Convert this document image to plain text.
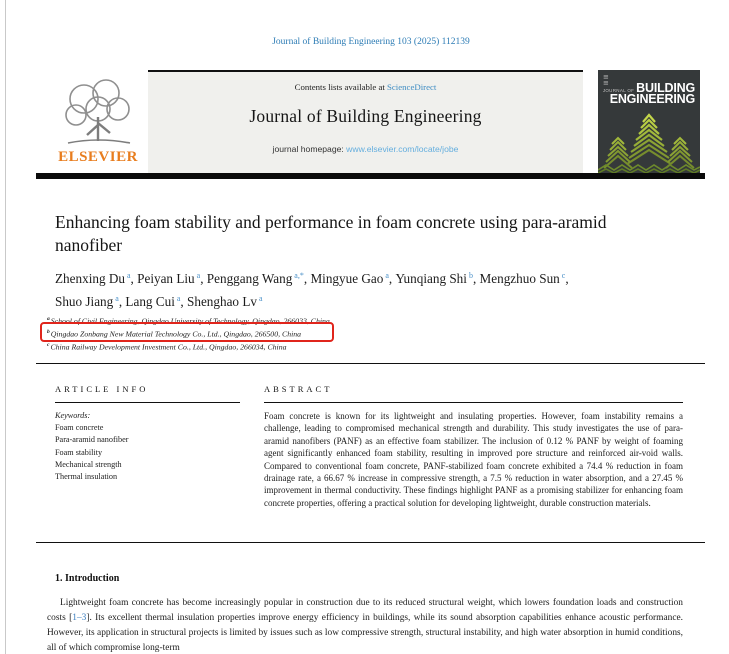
Journal of Building Engineering 103 (2025) 112139
ELSEVIER
Contents lists available at ScienceDirect
Journal of Building Engineering
journal homepage: www.elsevier.com/locate/jobe
≡
≡
JOURNAL OF BUILDING
ENGINEERING
Enhancing foam stability and performance in foam concrete using para-aramid nanofiber
Zhenxing Du $^a$ , Peiyan Liu $^a$ , Penggang Wang $^{a,*}$ , Mingyue Gao $^a$ , Yunqiang Shi $^b$ , Mengzhuo Sun $^c$ , Shuo Jiang $^a$ , Lang Cui $^a$ , Shenghao Lv $^a$
$^a$School of Civil Engineering, Qingdao University of Technology, Qingdao, 266033, China
$^b$Qingdao Zonbang New Material Technology Co., Ltd., Qingdao, 266500, China
$^c$China Railway Development Investment Co., Ltd., Qingdao, 266034, China
ARTICLE INFO
Keywords:
Foam concrete
Para-aramid nanofiber
Foam stability
Mechanical strength
Thermal insulation
ABSTRACT
Foam concrete is known for its lightweight and insulating properties. However, foam instability remains a challenge, leading to compromised mechanical strength and durability. This study investigates the use of para-aramid nanofibers (PANF) as an effective foam stabilizer. The inclusion of 0.12 % PANF by weight of foaming agent significantly enhanced foam stability, resulting in improved pore structure and reinforced air-void walls. Compared to conventional foam concrete, PANF-stabilized foam concrete exhibited a 74.4 % reduction in foam drainage rate, a 66.67 % increase in compressive strength, a 7.5 % reduction in water absorption, and a 27.45 % improvement in thermal conductivity. These findings highlight PANF as a promising stabilizer for enhancing foam concrete properties, offering a practical solution for developing lightweight, durable construction materials.
1. Introduction
Lightweight foam concrete has become increasingly popular in construction due to its reduced structural weight, which lowers foundation loads and construction costs [1–3]. Its excellent thermal insulation properties improve energy efficiency in buildings, while its sound absorption capabilities enhance acoustic performance. However, its application in structural projects is limited by issues such as low compressive strength, structural instability, and high water absorption in humid conditions, all of which compromise long-term
